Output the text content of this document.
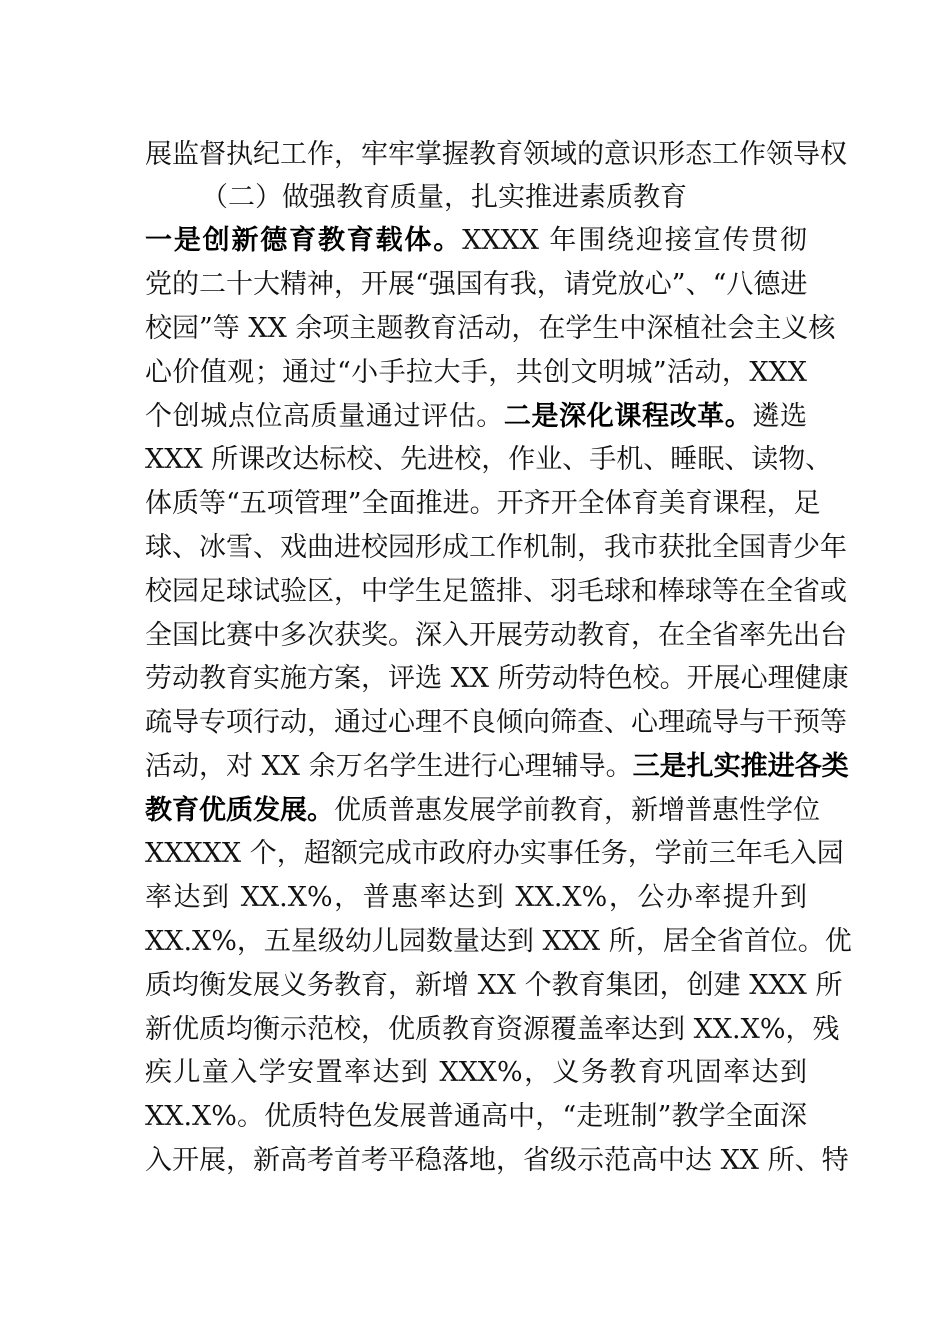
展监督执纪工作，牢牢掌握教育领域的意识形态工作领导权
（二）做强教育质量，扎实推进素质教育
一是创新德育教育载体。XXXX 年围绕迎接宣传贯彻
党的二十大精神，开展“强国有我，请党放心”、“八德进
校园”等 XX 余项主题教育活动，在学生中深植社会主义核
心价值观；通过“小手拉大手，共创文明城”活动，XXX
个创城点位高质量通过评估。二是深化课程改革。遴选
XXX 所课改达标校、先进校，作业、手机、睡眠、读物、
体质等“五项管理”全面推进。开齐开全体育美育课程，足
球、冰雪、戏曲进校园形成工作机制，我市获批全国青少年
校园足球试验区，中学生足篮排、羽毛球和棒球等在全省或
全国比赛中多次获奖。深入开展劳动教育，在全省率先出台
劳动教育实施方案，评选 XX 所劳动特色校。开展心理健康
疏导专项行动，通过心理不良倾向筛查、心理疏导与干预等
活动，对 XX 余万名学生进行心理辅导。三是扎实推进各类
教育优质发展。优质普惠发展学前教育，新增普惠性学位
XXXXX 个，超额完成市政府办实事任务，学前三年毛入园
率达到 XX.X%，普惠率达到 XX.X%，公办率提升到
XX.X%，五星级幼儿园数量达到 XXX 所，居全省首位。优
质均衡发展义务教育，新增 XX 个教育集团，创建 XXX 所
新优质均衡示范校，优质教育资源覆盖率达到 XX.X%，残
疾儿童入学安置率达到 XXX%，义务教育巩固率达到
XX.X%。优质特色发展普通高中，“走班制”教学全面深
入开展，新高考首考平稳落地，省级示范高中达 XX 所、特
